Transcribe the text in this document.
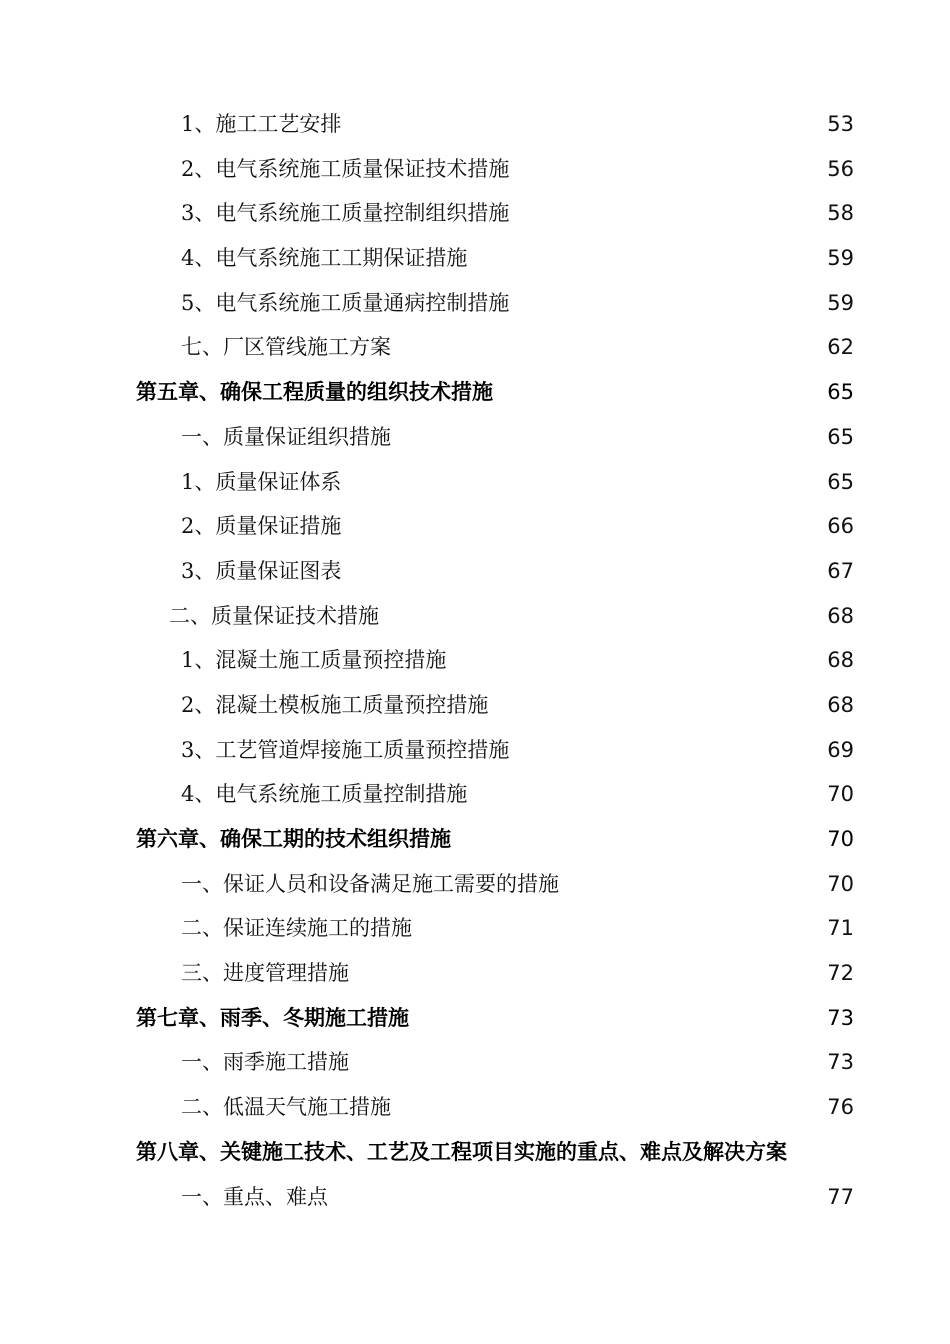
1、施工工艺安排	53
2、电气系统施工质量保证技术措施	56
3、电气系统施工质量控制组织措施	58
4、电气系统施工工期保证措施	59
5、电气系统施工质量通病控制措施	59
七、厂区管线施工方案	62
第五章、确保工程质量的组织技术措施	65
一、质量保证组织措施	65
1、质量保证体系	65
2、质量保证措施	66
3、质量保证图表	67
二、质量保证技术措施	68
1、混凝土施工质量预控措施	68
2、混凝土模板施工质量预控措施	68
3、工艺管道焊接施工质量预控措施	69
4、电气系统施工质量控制措施	70
第六章、确保工期的技术组织措施	70
一、保证人员和设备满足施工需要的措施	70
二、保证连续施工的措施	71
三、进度管理措施	72
第七章、雨季、冬期施工措施	73
一、雨季施工措施	73
二、低温天气施工措施	76
第八章、关键施工技术、工艺及工程项目实施的重点、难点及解决方案
一、重点、难点	77
